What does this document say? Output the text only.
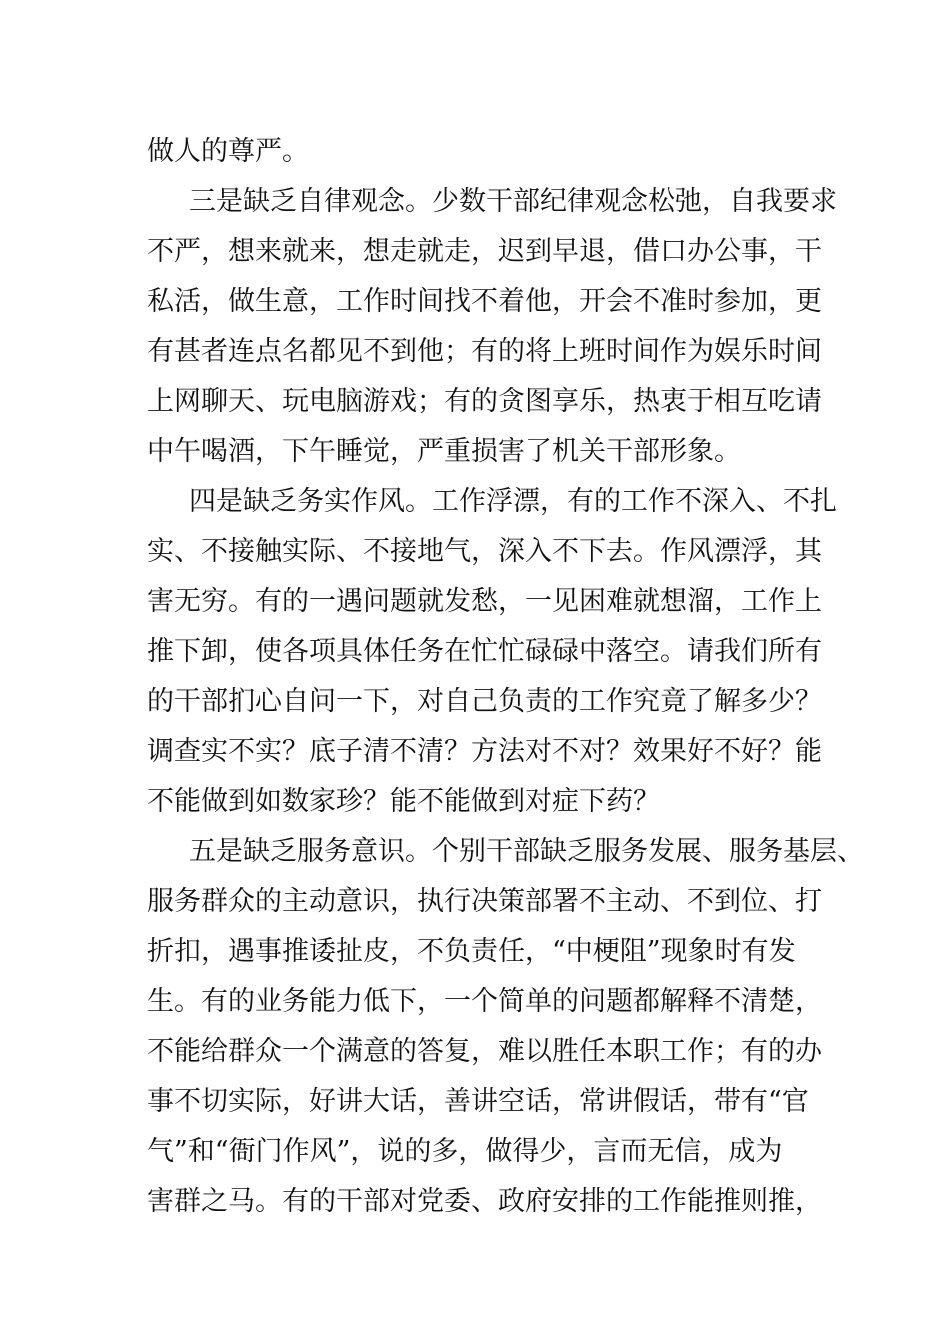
做人的尊严。
三是缺乏自律观念。少数干部纪律观念松弛，自我要求
不严，想来就来，想走就走，迟到早退，借口办公事，干
私活，做生意，工作时间找不着他，开会不准时参加，更
有甚者连点名都见不到他；有的将上班时间作为娱乐时间
上网聊天、玩电脑游戏；有的贪图享乐，热衷于相互吃请
中午喝酒，下午睡觉，严重损害了机关干部形象。
四是缺乏务实作风。工作浮漂，有的工作不深入、不扎
实、不接触实际、不接地气，深入不下去。作风漂浮，其
害无穷。有的一遇问题就发愁，一见困难就想溜，工作上
推下卸，使各项具体任务在忙忙碌碌中落空。请我们所有
的干部扪心自问一下，对自己负责的工作究竟了解多少？
调查实不实？底子清不清？方法对不对？效果好不好？能
不能做到如数家珍？能不能做到对症下药？
五是缺乏服务意识。个别干部缺乏服务发展、服务基层、
服务群众的主动意识，执行决策部署不主动、不到位、打
折扣，遇事推诿扯皮，不负责任，“中梗阻”现象时有发
生。有的业务能力低下，一个简单的问题都解释不清楚，
不能给群众一个满意的答复，难以胜任本职工作；有的办
事不切实际，好讲大话，善讲空话，常讲假话，带有“官
气”和“衙门作风”，说的多，做得少，言而无信，成为
害群之马。有的干部对党委、政府安排的工作能推则推，
